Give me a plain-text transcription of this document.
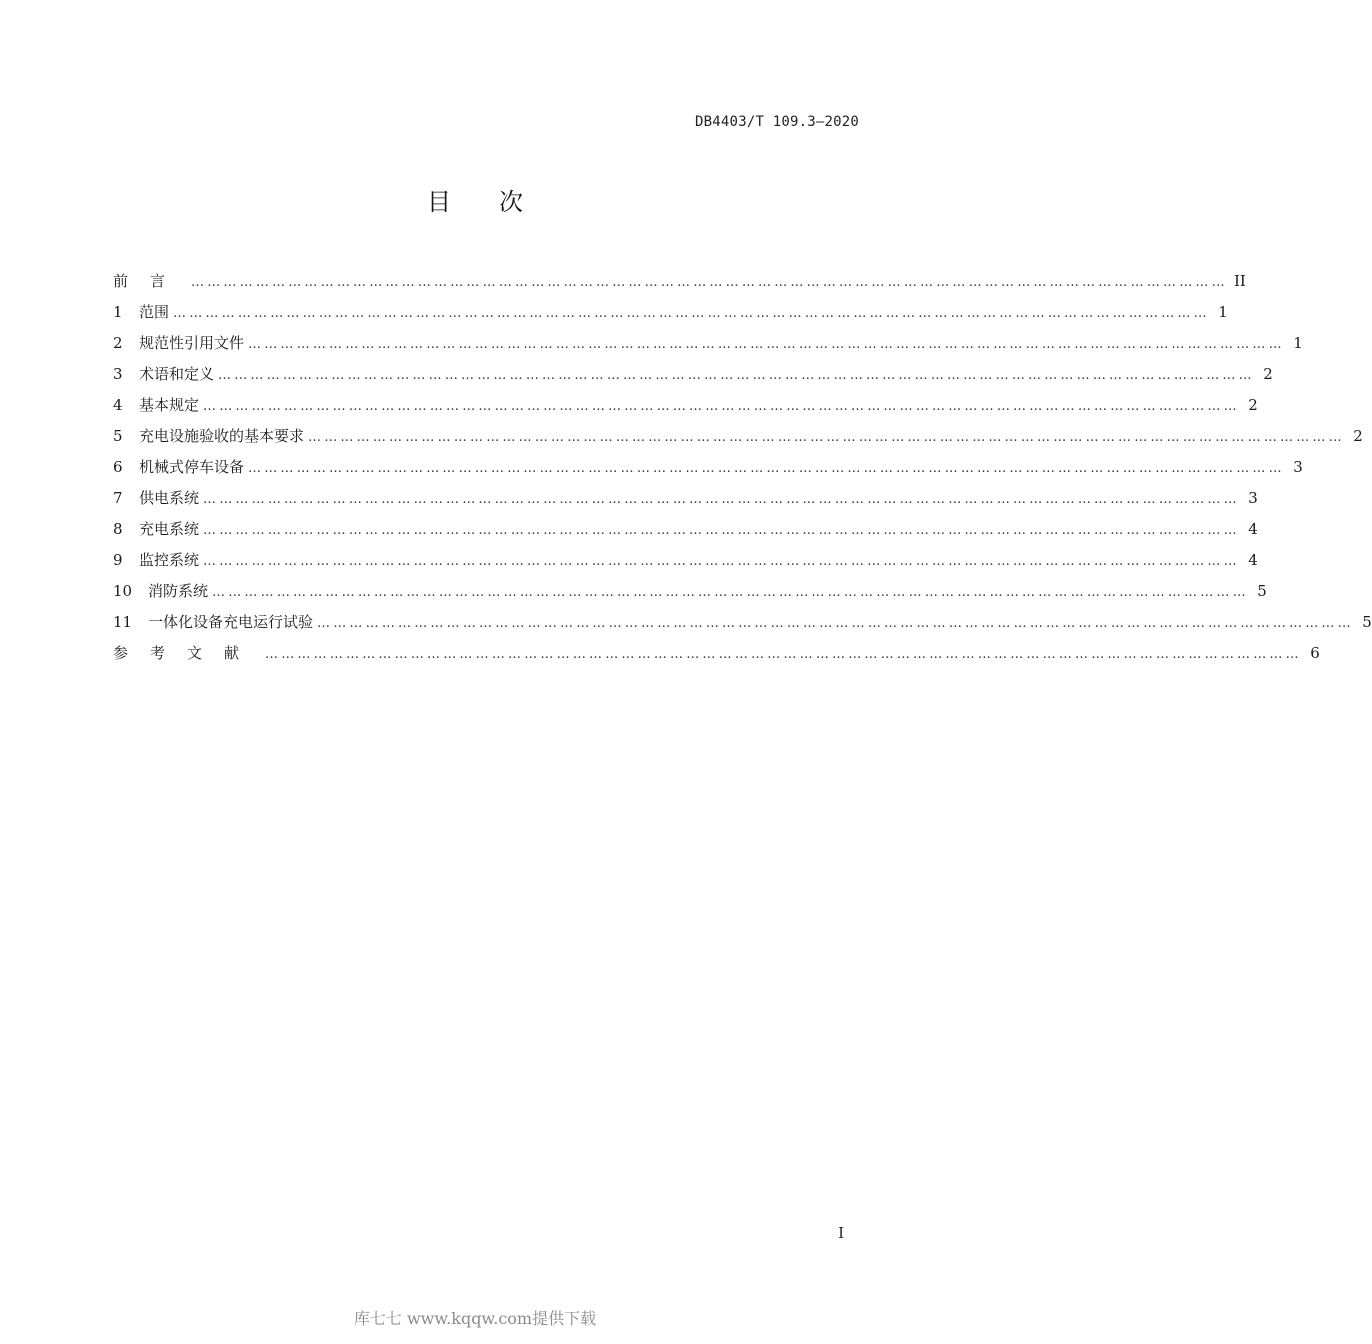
DB4403/T 109.3—2020
目次
前言 ………………………………………………………………………………………………………………………………………………………………………… II
1	范围 ………………………………………………………………………………………………………………………………………………………………………… 1
2	规范性引用文件 ………………………………………………………………………………………………………………………………………………………………………… 1
3	术语和定义 ………………………………………………………………………………………………………………………………………………………………………… 2
4	基本规定 ………………………………………………………………………………………………………………………………………………………………………… 2
5	充电设施验收的基本要求 ………………………………………………………………………………………………………………………………………………………………………… 2
6	机械式停车设备 ………………………………………………………………………………………………………………………………………………………………………… 3
7	供电系统 ………………………………………………………………………………………………………………………………………………………………………… 3
8	充电系统 ………………………………………………………………………………………………………………………………………………………………………… 4
9	监控系统 ………………………………………………………………………………………………………………………………………………………………………… 4
10	消防系统 ………………………………………………………………………………………………………………………………………………………………………… 5
11	一体化设备充电运行试验 ………………………………………………………………………………………………………………………………………………………………………… 5
参考文献 ………………………………………………………………………………………………………………………………………………………………………… 6
I
库七七 www.kqqw.com提供下载
